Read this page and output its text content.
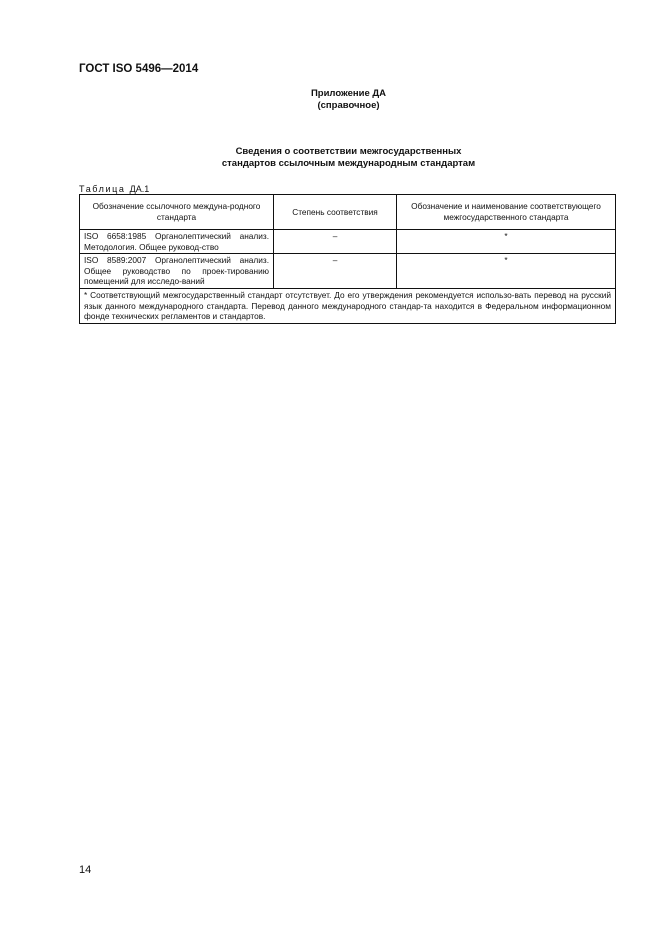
ГОСТ ISO 5496—2014
Приложение ДА
(справочное)
Сведения о соответствии межгосударственных
стандартов ссылочным международным стандартам
Таблица ДА.1
Обозначение ссылочного междуна-родного стандарта	Степень соответствия	Обозначение и наименование соответствующего межгосударственного стандарта
ISO 6658:1985 Органолептический анализ. Методология. Общее руковод-ство	–	*
ISO 8589:2007 Органолептический анализ. Общее руководство по проек-тированию помещений для исследо-ваний	–	*
* Соответствующий межгосударственный стандарт отсутствует. До его утверждения рекомендуется использо-вать перевод на русский язык данного международного стандарта. Перевод данного международного стандар-та находится в Федеральном информационном фонде технических регламентов и стандартов.		
14
